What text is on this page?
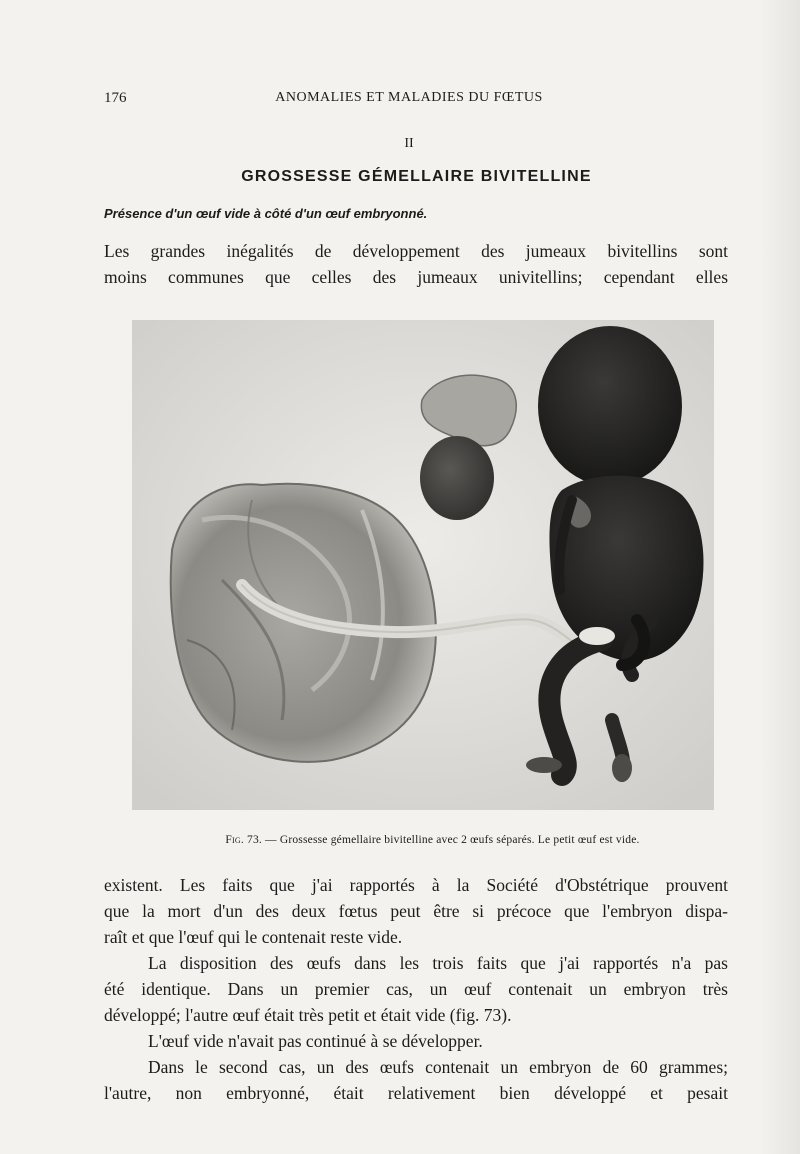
176	ANOMALIES ET MALADIES DU FŒTUS
II
GROSSESSE GÉMELLAIRE BIVITELLINE
Présence d'un œuf vide à côté d'un œuf embryonné.
Les grandes inégalités de développement des jumeaux bivitellins sont
moins communes que celles des jumeaux univitellins; cependant elles
Fig. 73. — Grossesse gémellaire bivitelline avec 2 œufs séparés. Le petit œuf est vide.
existent. Les faits que j'ai rapportés à la Société d'Obstétrique prouvent
que la mort d'un des deux fœtus peut être si précoce que l'embryon dispa-
raît et que l'œuf qui le contenait reste vide.
La disposition des œufs dans les trois faits que j'ai rapportés n'a pas
été identique. Dans un premier cas, un œuf contenait un embryon très
développé; l'autre œuf était très petit et était vide (fig. 73).
L'œuf vide n'avait pas continué à se développer.
Dans le second cas, un des œufs contenait un embryon de 60 grammes;
l'autre, non embryonné, était relativement bien développé et pesait
